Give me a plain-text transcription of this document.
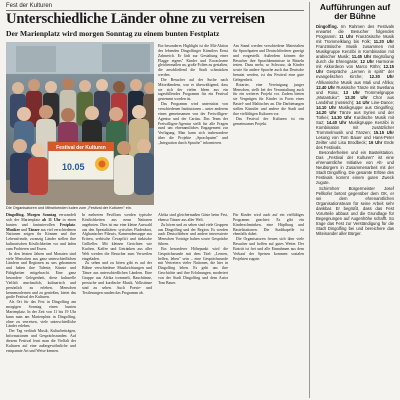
Fest der Kulturen
Unterschiedliche Länder ohne zu verreisen
Der Marienplatz wird morgen Sonntag zu einem bunten Festplatz
Festival der Kulturen
10.05
Die Organisatoren und Mitwirkenden luden zum „Festival der Kulturen" ein.

Ein besonderes Highlight ist die Mit-Aktion des lebenden Dingolfinger Künstlers Ernst Zahnreich. Er lädt zur Gestaltung einer Flagge eigens" Kinder und Erwachsene gleichermaßen an, große Folien zu gestalten, die anschließend die Stadt schmücken werden.

Die Besucher auf der Suche nach Mitreißendem, war er überwältigend, dass sie sich der vielen Ideen aus ein tagesfüllendes Programm für ein Festival gestemmt worden ist.

Das Programm wird unterstützt von verschiedenen Institutionen – unter anderem einen gemeinsamen von der Freiwilligen-Agentur und der Caritas. Das Team der Freiwilligen-Agentur stellt für alle Fragen rund um ehrenamtliches Engagement zur Verfügung. Man kann sich insbesondere über die Projekte „Sprachpaten" und „Integration durch Sprache" informieren.

Am Stand werden verschiedene Materialien für Sprachpaten und Deutschförderer gezeigt und vorgestellt. Außerdem können die Besucher ihre Sprachkenntnisse in Rätseln testen. Dazu mehr, so Schwarz, da Kinder sowie für andere Sprache auch das Deutsche benutzt werden, ist das Festival eine gute Gelegenheit.

Rotarier, eine Vereinigung junger Menschen, stellt bei der Veranstaltung auch für ein weiteres Projekt vor. Zudem bieten sie Vergnügen für Kinder in Form eines Bastel- und Maltisches an. Die Darbietungen stellen Künstler und andere die Stadt und ihre vielfältigen Kulturen vor.

Das Festival der Kulturen ist ein gemeinsames Projekt.

Dingolfing. Morgen Sonntag verwandelt sich der Marienplatz ab 11 Uhr in einen bunten und fantasievollen Festplatz. Musiker und Tänzer aus viel verschiedenen Nationen zeigen ihr Können und ihre Lebensfreude, zwanzig Länder stellen ihre kulinarischen Köstlichkeiten vor und laden zum Probieren und Essen.

In den letzten Jahren und Monaten sind viele Menschen aus ganz unterschiedlichen Ländern und Regionen zu uns gekommen und haben ihre Talente, Künste und Fähigkeiten mitgebracht. Eine ganz besondere Gelegenheit, diese kulturelle Vielfalt anschaulich, kulinarisch und persönlich zu erleben, Menschen kennenzulernen und zu genießen, bietet das große Festival der Kulturen.

Als Ort für das Fest in Dingolfing am morgigen Sonntag einen bunten Marienplatz. In der Zeit von 11 bis 19 Uhr kann man am Marienplatz in Dingolfing, ohne zu verreisen, viele unterschiedliche Länder erleben.

Der Tag verläuft Musik, Kulturbeiträgen, Informationen und Gesprächsrunden. Auf diesem Festival lernt man die Vielfalt der Kulturen auf eine außergewöhnliche und entspannte Art und Weise kennen.

In mehreren Pavillons werden typische Köstlichkeiten aus neun Nationen angeboten. Dies ist nur eine kleine Auswahl aus den Spezialitäten: syrisches Fladenbrot, Afghanischer Pilawis, Kameradensuppe aus Eritrea, serbische Ćevapčići und türkische Grillteller. Mit kleinen Gerichten wie Kuchen, Kaffee und Getränken aus aller Welt werden die Besucher zum Verweilen eingeladen.

Zu sehen und zu hören gibt es auf der Bühne verschiedene Musikrichtungen und Tänze aus unterschiedlichen Ländern. Eine Gruppe aus Afrika trommelt, Bauchtänze, persische und kurdische Musik, Volkstänze sind zu sehen. Auch Poesie- und Textlesungen runden das Programm ab.

Afrika sind gleichermaßen Gäste beim Fest, ebenso Tänzer aus aller Welt.

Zu hören und zu sehen sind viele Gruppen aus Dingolfing und der Region. Es werden auch Deutschlehrer und andere interessierte Menschen Vorträge halten sowie Gespräche führen.

Ein besonderer Höhepunkt wird die Gesprächsrunde mit dem Titel: „Lernen, helfen, leben" sein – eine Gesprächsrunde mit Vertretern vieler Nationen, die hier in Dingolfing leben. Es geht um ihre Geschichte und ihre Erfahrungen, moderiert von der Stadt Dingolfing und dem Autor Tom Bauer.

Für Kinder wird auch auf ein vielfältiges Programm geachtet: Es gibt ein Kinderschminken, eine Hüpfburg und Bastelstationen. Die Stadtkapelle ist ebenfalls dabei.

Die Organisatoren freuen sich über viele Besucher und hoffen auf gutes Wetter. Der Eintritt ist frei und alle Einnahmen aus dem Verkauf der Speisen kommen sozialen Projekten zugute.

Aufführungen auf der Bühne

Dingolfing. Im Rahmen des Festivals erwartet die Besucher folgendes Programm: 11 Uhr Französische Musik mit Trommelklang bis Folk; 11.20 Uhr Französische Musik zusammen mit Musikgruppe Kenzibi in Kombination mit arabischer Musik; 11.45 Uhr Begrüßung durch die Ehrengäste; 12 Uhr Harmonie mit Akkordeon von Marco Röhn; 12.15 Uhr Gespräche „Lernen in spirit" der evangelischen Kirche; 12.30 Uhr Afrikanische Musik aus Mali und Afrika; 12.40 Uhr Russische Tänze mit Swetlana und Rosa; 13 Uhr Trommelgruppe „Mutantuku"; 13.30 Uhr Chor aus Landshut (russisch); 14 Uhr Line-Dance; 14.10 Uhr Musikgruppe aus Dingolfing; 14.20 Uhr Tänze aus Syrien und der Türkei; 14.30 Uhr Kurdische Musik mit Saz; 14.40 Uhr Musikgruppe Kenzibi in Kombination mit zusätzlicher Trommelmusik und Tänzen; 15.15 Uhr Lesung von Tom Bauer und Hans-Peter Zeilter und Lisa Brodbeck; 16 Uhr Ende des Festivals.

Besonderheiten und ein Bastelstation. Das „Festival der Kulturen" ist eine ehrenamtliche Initiative von Alt- und Neubürgern in Zusammenarbeit mit der Stadt Dingolfing. Die gesamte Erlöse des Festivals kommt einem guten Zweck zugute.

Schirmherr Bürgermeister Josef Pellkofer betont gegenüber dem OK, er sei dem ehrenamtlichen Organisationsteam für seine Arbeit sehr dankbar. Er begrüßt, dass das Fest Vorurteile abbaut und die Grundlage für Begegnungen auf Augenhöhe schafft. So trage das Fest zur Verständigung für die Stadt Dingolfing bei und bereichere das Miteinander aller Bürger.
